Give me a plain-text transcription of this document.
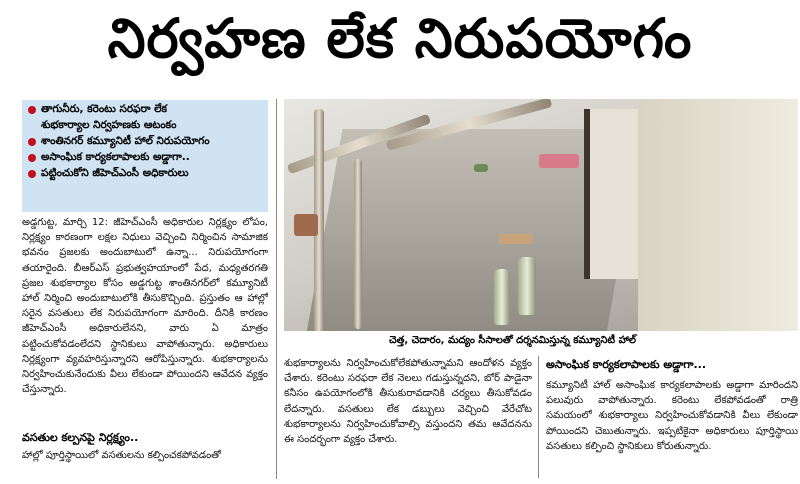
నిర్వహణ లేక నిరుపయోగం
తాగునీరు, కరెంటు సరఫరా లేక
శుభకార్యాల నిర్వహణకు ఆటంకం
శాంతినగర్ కమ్యూనిటీ హాల్ నిరుపయోగం
అసాంఘిక కార్యకలాపాలకు అడ్డాగా..
పట్టించుకోని జీహెచ్ఎంసీ అధికారులు
అడ్డగుట్ట, మార్చి 12: జీహెచ్ఎంసీ అధికారుల నిర్లక్ష్యం లోపం, నిర్లక్ష్యం కారణంగా లక్షల నిధులు వెచ్చించి నిర్మించిన సామాజిక భవనం ప్రజలకు అందుబాటులో ఉన్నా... నిరుపయోగంగా తయారైంది. బీఆర్ఎస్ ప్రభుత్వహయాంలో పేద, మధ్యతరగతి ప్రజల శుభకార్యాల కోసం అడ్డగుట్ట శాంతినగర్‌లో కమ్యూనిటీ హాల్ నిర్మించి అందుబాటులోకి తీసుకొచ్చింది. ప్రస్తుతం ఆ హాల్లో సరైన వసతులు లేక నిరుపయోగంగా మారింది. దీనికి కారణం జీహెచ్ఎంసీ అధికారులేనని, వారు ఏ మాత్రం పట్టించుకోవడంలేదని స్థానికులు వాపోతున్నారు. అధికారులు నిర్లక్ష్యంగా వ్యవహరిస్తున్నారని ఆరోపిస్తున్నారు. శుభకార్యాలను నిర్వహించుకునేందుకు వీలు లేకుండా పోయిందని ఆవేదన వ్యక్తం చేస్తున్నారు.
వసతుల కల్పనపై నిర్లక్ష్యం..
హాల్లో పూర్తిస్థాయిలో వసతులను కల్పించకపోవడంతో
చెత్త, చెదారం, మద్యం సీసాలతో దర్శనమిస్తున్న కమ్యూనిటీ హాల్
శుభకార్యాలను నిర్వహించుకోలేకపోతున్నామని ఆందోళన వ్యక్తం చేశారు. కరెంటు సరఫరా లేక నెలలు గడుస్తున్నదని, బోర్ పాడైనా కనీసం ఉపయోగంలోకి తీసుకురావడానికి చర్యలు తీసుకోవడం లేదన్నారు. వసతులు లేక డబ్బులు వెచ్చించి వేరేచోట శుభకార్యాలను నిర్వహించుకోవాల్సి వస్తుందని తమ ఆవేదనను ఈ సందర్భంగా వ్యక్తం చేశారు.
అసాంఘిక కార్యకలాపాలకు అడ్డాగా...
కమ్యూనిటీ హాల్ అసాంఘిక కార్యకలాపాలకు అడ్డాగా మారిందని పలువురు వాపోతున్నారు. కరెంటు లేకపోవడంతో రాత్రి సమయంలో శుభకార్యాలు నిర్వహించుకోవడానికి వీలు లేకుండా పోయిందని చెబుతున్నారు. ఇప్పటికైనా అధికారులు పూర్తిస్థాయి వసతులు కల్పించి స్థానికులు కోరుతున్నారు.
